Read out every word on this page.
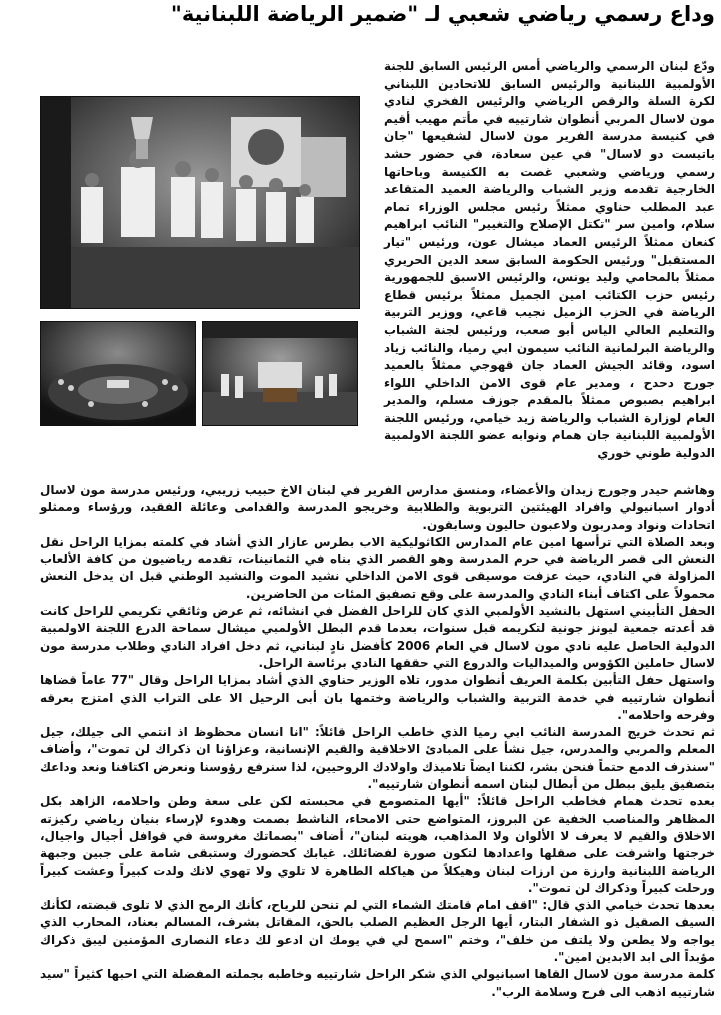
وداع رسمي رياضي شعبي لـ "ضمير الرياضة اللبنانية"

ودّع لبنان الرسمي والرياضي أمس الرئيس السابق للجنة الأولمبية اللبنانية والرئيس السابق للاتحادين اللبناني لكرة السلة والرقص الرياضي والرئيس الفخري لنادي مون لاسال المربي أنطوان شارتييه في مأتم مهيب أقيم في كنيسة مدرسة الفرير مون لاسال لشفيعها "جان باتيست دو لاسال" في عين سعادة، في حضور حشد رسمي ورياضي وشعبي غصت به الكنيسة وباحاتها الخارجية تقدمه وزير الشباب والرياضة العميد المتقاعد عبد المطلب حناوي ممثلاً رئيس مجلس الوزراء تمام سلام، وامين سر "تكتل الإصلاح والتغيير" النائب ابراهيم كنعان ممثلاً الرئيس العماد ميشال عون، ورئيس "تيار المستقبل" ورئيس الحكومة السابق سعد الدين الحريري ممثلاً بالمحامي وليد يونس، والرئيس الاسبق للجمهورية رئيس حزب الكتائب امين الجميل ممثلاً برئيس قطاع الرياضة في الحزب الزميل نجيب قاعي، ووزير التربية والتعليم العالي الياس أبو صعب، ورئيس لجنة الشباب والرياضة البرلمانية النائب سيمون ابي رميا، والنائب زياد اسود، وقائد الجيش العماد جان قهوجي ممثلاً بالعميد جورج دحدح ، ومدير عام قوى الامن الداخلي اللواء ابراهيم بصبوص ممثلاً بالمقدم جوزف مسلم، والمدير العام لوزارة الشباب والرياضة زيد خيامي، ورئيس اللجنة الأولمبية اللبنانية جان همام ونوابه عضو اللجنة الاولمبية الدولية طوني خوري

وهاشم حيدر وجورج زيدان والأعضاء، ومنسق مدارس الفرير في لبنان الاخ حبيب زريبي، ورئيس مدرسة مون لاسال أدوار اسبانيولي وافراد الهيئتين التربوية والطلابية وخريجو المدرسة والقدامى وعائلة الفقيد، ورؤساء وممثلو اتحادات ونواد ومدربون ولاعبون حاليون وسابقون.

وبعد الصلاة التي ترأسها امين عام المدارس الكاثوليكية الاب بطرس عازار الذي أشاد في كلمته بمزايا الراحل نقل النعش الى قصر الرياضة في حرم المدرسة وهو القصر الذي بناه في الثمانينات، تقدمه رياضيون من كافة الألعاب المزاولة في النادي، حيث عزفت موسيقى قوى الامن الداخلي نشيد الموت والنشيد الوطني قبل ان يدخل النعش محمولاً على اكتاف أبناء النادي والمدرسة على وقع تصفيق المئات من الحاضرين.

الحفل التأبيني استهل بالنشيد الأولمبي الذي كان للراحل الفضل في انشائه، ثم عرض وثائقي تكريمي للراحل كانت قد أعدته جمعية ليونز جونية لتكريمه قبل سنوات، بعدما قدم البطل الأولمبي ميشال سماحة الدرع اللجنة الاولمبية الدولية الحاصل عليه نادي مون لاسال في العام 2006 كأفضل نادٍ لبناني، ثم دخل افراد النادي وطلاب مدرسة مون لاسال حاملين الكؤوس والميداليات والدروع التي حققها النادي برئاسة الراحل.

واستهل حفل التأبين بكلمة العريف أنطوان مدور، تلاه الوزير حناوي الذي أشاد بمزايا الراحل وقال "77 عاماً قضاها أنطوان شارتييه في خدمة التربية والشباب والرياضة وختمها بان أبى الرحيل الا على التراب الذي امتزج بعرقه وفرحه واحلامه".

ثم تحدث خريج المدرسة النائب ابي رميا الذي خاطب الراحل قائلاً: "انا انسان محظوظ اذ انتمي الى جيلك، جيل المعلم والمربي والمدرس، جيل نشأ على المبادئ الاخلاقية والقيم الإنسانية، وعزاؤنا ان ذكراك لن تموت"، وأضاف "سنذرف الدمع حتماً فنحن بشر، لكننا ايضاً تلاميذك واولادك الروحيين، لذا سنرفع رؤوسنا ونعرض اكتافنا ونعد وداعك بتصفيق يليق ببطل من أبطال لبنان اسمه أنطوان شارتييه".

بعده تحدث همام فخاطب الراحل قائلاً: "أيها المتصومع في محبسته لكن على سعة وطن واحلامه، الزاهد بكل المظاهر والمناصب الخفية عن البروز، المتواضع حتى الامحاء، الناشط بصمت وهدوء لإرساء بنيان رياضي ركيزته الاخلاق والقيم لا يعرف لا الألوان ولا المذاهب، هويته لبنان"، أضاف "بصماتك مغروسة في قوافل أجيال واجيال، خرجتها واشرفت على صقلها واعدادها لتكون صورة لفضائلك. غيابك كحضورك وستبقى شامة على جبين وجبهة الرياضة اللبنانية وارزة من ارزات لبنان وهيكلاً من هياكله الطاهرة لا تلوي ولا تهوي لانك ولدت كبيراً وعشت كبيراً ورحلت كبيراً وذكراك لن تموت".

بعدها تحدث خيامي الذي قال: "اقف امام قامتك الشماء التي لم تنحن للرياح، كأنك الرمح الذي لا تلوى قبضته، لكأنك السيف الصقيل ذو الشفار البتار، أيها الرجل العظيم الصلب بالحق، المقاتل بشرف، المسالم بعناد، المحارب الذي يواجه ولا يطعن ولا يلتف من خلف"، وختم "اسمح لي في يومك ان ادعو لك دعاء النصارى المؤمنين ليبق ذكراك مؤبداً الى ابد الابدين امين".

كلمة مدرسة مون لاسال القاها اسبانيولي الذي شكر الراحل شارتييه وخاطبه بجملته المفضلة التي احبها كثيراً "سيد شارتييه اذهب الى فرح وسلامة الرب".
